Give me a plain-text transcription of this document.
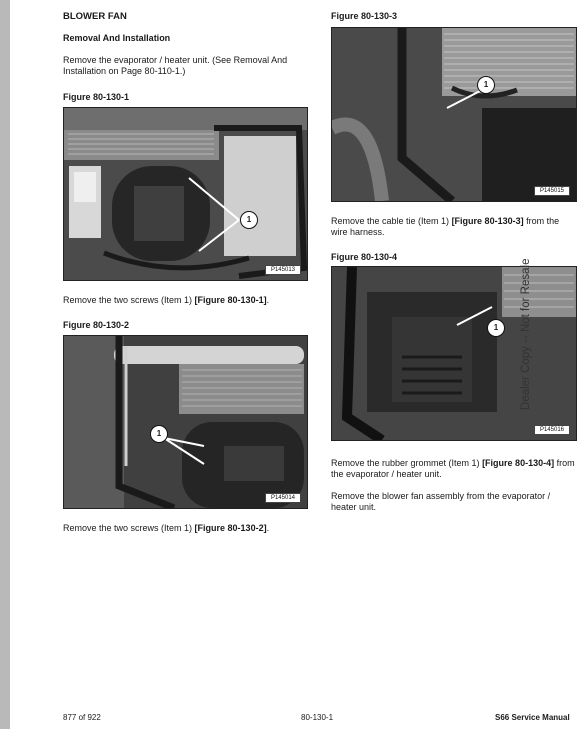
BLOWER FAN

Removal And Installation

Remove the evaporator / heater unit. (See Removal And Installation on Page 80-110-1.)

Figure 80-130-1

1
P145013

Remove the two screws (Item 1) [Figure 80-130-1].

Figure 80-130-2

1
P145014

Remove the two screws (Item 1) [Figure 80-130-2].

Figure 80-130-3

1
P145015

Remove the cable tie (Item 1) [Figure 80-130-3] from the wire harness.

Figure 80-130-4

1
P145016

Remove the rubber grommet (Item 1) [Figure 80-130-4] from the evaporator / heater unit.

Remove the blower fan assembly from the evaporator / heater unit.

Dealer Copy -- Not for Resale
877 of 922	80-130-1	S66 Service Manual
